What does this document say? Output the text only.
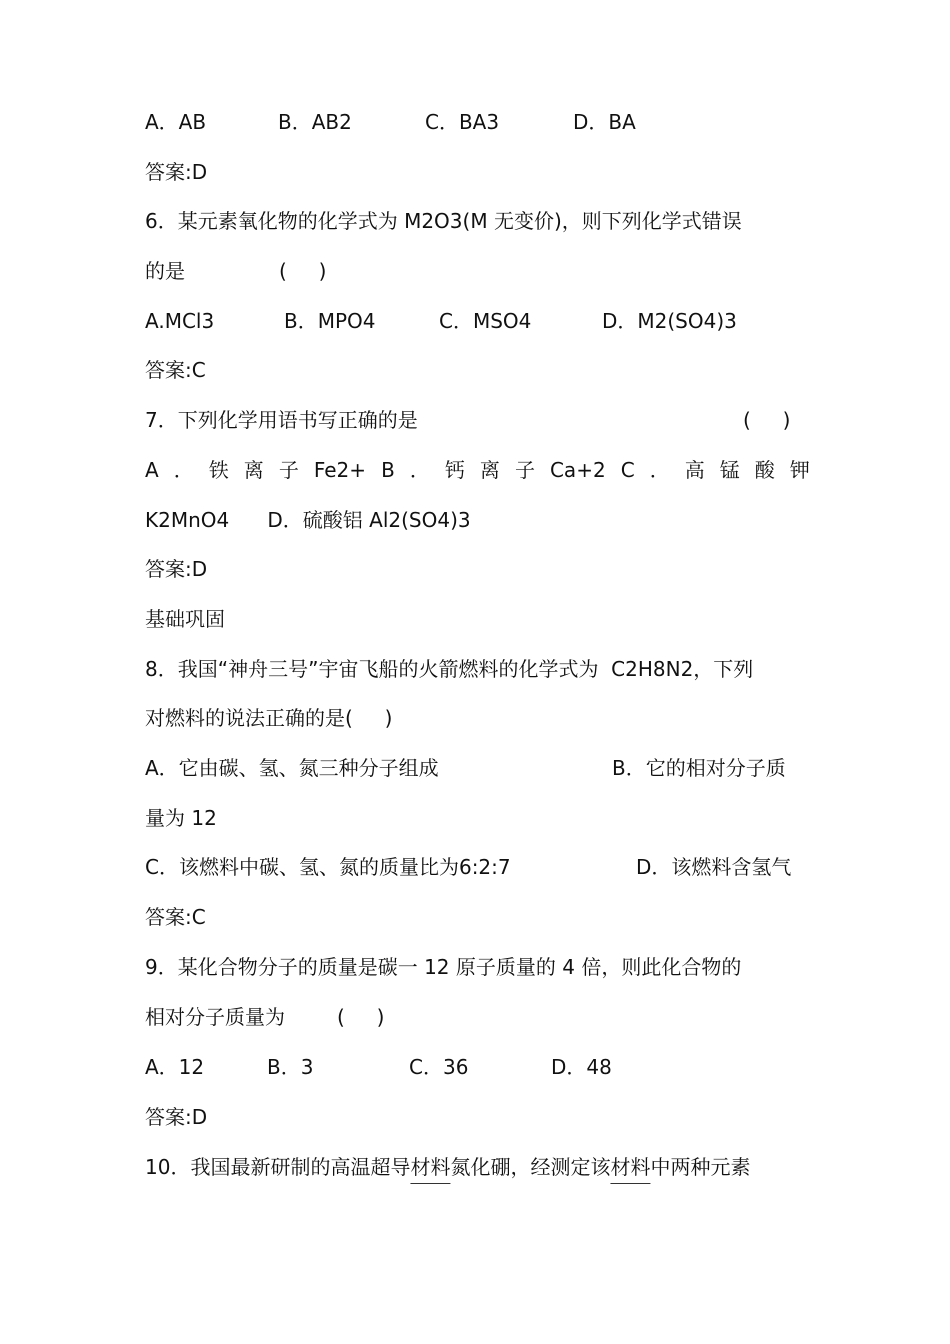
A．AB

	B．AB2

	C．BA3

	D．BA

答案:D
6．某元素氧化物的化学式为 M2O3(M 无变价)，则下列化学式错误

的是

	(     )

A.MCl3

	B．MPO4

	C．MSO4

	D．M2(SO4)3

答案:C

7．下列化学用语书写正确的是

	(     )

A ． 铁 离 子 Fe2+ B ． 钙 离 子 Ca+2 C ． 高 锰 酸 钾
K2MnO4      D．硫酸铝 Al2(SO4)3
答案:D
基础巩固
8．我国“神舟三号”宇宙飞船的火箭燃料的化学式为  C2H8N2，下列
对燃料的说法正确的是(     )

A．它由碳、氢、氮三种分子组成

	B．它的相对分子质

量为 12

C．该燃料中碳、氢、氮的质量比为6:2:7

	D．该燃料含氢气

答案:C
9．某化合物分子的质量是碳一 12 原子质量的 4 倍，则此化合物的

相对分子质量为

	(     )

A．12

	B．3

	C．36

	D．48

答案:D
10．我国最新研制的高温超导材料氮化硼，经测定该材料中两种元素
